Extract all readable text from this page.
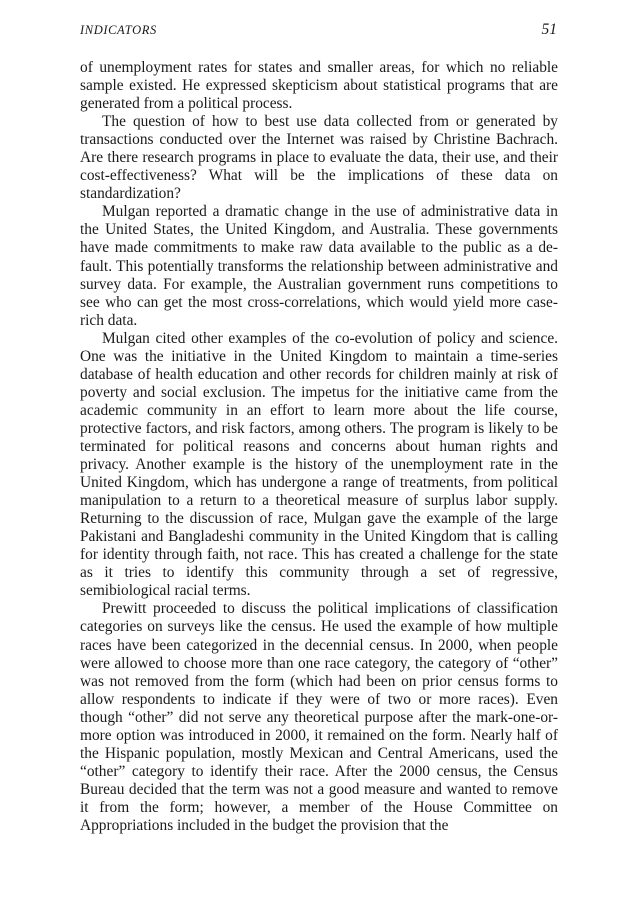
INDICATORS	51

of unemployment rates for states and smaller areas, for which no reliable sample existed. He expressed skepticism about statistical programs that are generated from a political process.

The question of how to best use data collected from or generated by transactions conducted over the Internet was raised by Christine Bachrach. Are there research programs in place to evaluate the data, their use, and their cost-effectiveness? What will be the implications of these data on standardization?

Mulgan reported a dramatic change in the use of administrative data in the United States, the United Kingdom, and Australia. These governments have made commitments to make raw data available to the public as a default. This potentially transforms the relationship between administrative and survey data. For example, the Australian government runs competitions to see who can get the most cross-correlations, which would yield more case-rich data.

Mulgan cited other examples of the co-evolution of policy and science. One was the initiative in the United Kingdom to maintain a time-series database of health education and other records for children mainly at risk of poverty and social exclusion. The impetus for the initiative came from the academic community in an effort to learn more about the life course, protective factors, and risk factors, among others. The program is likely to be terminated for political reasons and concerns about human rights and privacy. Another example is the history of the unemployment rate in the United Kingdom, which has undergone a range of treatments, from political manipulation to a return to a theoretical measure of surplus labor supply. Returning to the discussion of race, Mulgan gave the example of the large Pakistani and Bangladeshi community in the United Kingdom that is calling for identity through faith, not race. This has created a challenge for the state as it tries to identify this community through a set of regressive, semibiological racial terms.

Prewitt proceeded to discuss the political implications of classification categories on surveys like the census. He used the example of how multiple races have been categorized in the decennial census. In 2000, when people were allowed to choose more than one race category, the category of “other” was not removed from the form (which had been on prior census forms to allow respondents to indicate if they were of two or more races). Even though “other” did not serve any theoretical purpose after the mark-one-or-more option was introduced in 2000, it remained on the form. Nearly half of the Hispanic population, mostly Mexican and Central Americans, used the “other” category to identify their race. After the 2000 census, the Census Bureau decided that the term was not a good measure and wanted to remove it from the form; however, a member of the House Committee on Appropriations included in the budget the provision that the
